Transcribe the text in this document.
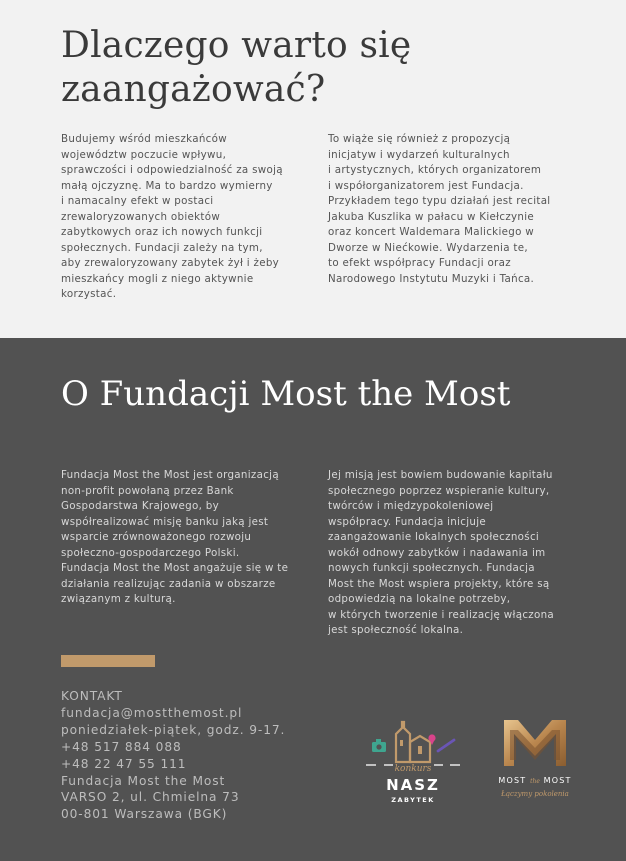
Dlaczego warto się
zaangażować?
Budujemy wśród mieszkańców
województw poczucie wpływu,
sprawczości i odpowiedzialność za swoją
małą ojczyznę. Ma to bardzo wymierny
i namacalny efekt w postaci
zrewaloryzowanych obiektów
zabytkowych oraz ich nowych funkcji
społecznych. Fundacji zależy na tym,
aby zrewaloryzowany zabytek żył i żeby
mieszkańcy mogli z niego aktywnie
korzystać.
To wiąże się również z propozycją
inicjatyw i wydarzeń kulturalnych
i artystycznych, których organizatorem
i współorganizatorem jest Fundacja.
Przykładem tego typu działań jest recital
Jakuba Kuszlika w pałacu w Kiełczynie
oraz koncert Waldemara Malickiego w
Dworze w Niećkowie. Wydarzenia te,
to efekt współpracy Fundacji oraz
Narodowego Instytutu Muzyki i Tańca.
O Fundacji Most the Most
Fundacja Most the Most jest organizacją
non-profit powołaną przez Bank
Gospodarstwa Krajowego, by
współrealizować misję banku jaką jest
wsparcie zrównoważonego rozwoju
społeczno-gospodarczego Polski.
Fundacja Most the Most angażuje się w te
działania realizując zadania w obszarze
związanym z kulturą.
Jej misją jest bowiem budowanie kapitału
społecznego poprzez wspieranie kultury,
twórców i międzypokoleniowej
współpracy. Fundacja inicjuje
zaangażowanie lokalnych społeczności
wokół odnowy zabytków i nadawania im
nowych funkcji społecznych. Fundacja
Most the Most wspiera projekty, które są
odpowiedzią na lokalne potrzeby,
w których tworzenie i realizację włączona
jest społeczność lokalna.
KONTAKT
fundacja@mostthemost.pl
poniedziałek-piątek, godz. 9-17.
+48 517 884 088
+48 22 47 55 111
Fundacja Most the Most
VARSO 2, ul. Chmielna 73
00-801 Warszawa (BGK)
konkurs
NASZ
ZABYTEK
MOST the MOST
Łączymy pokolenia
